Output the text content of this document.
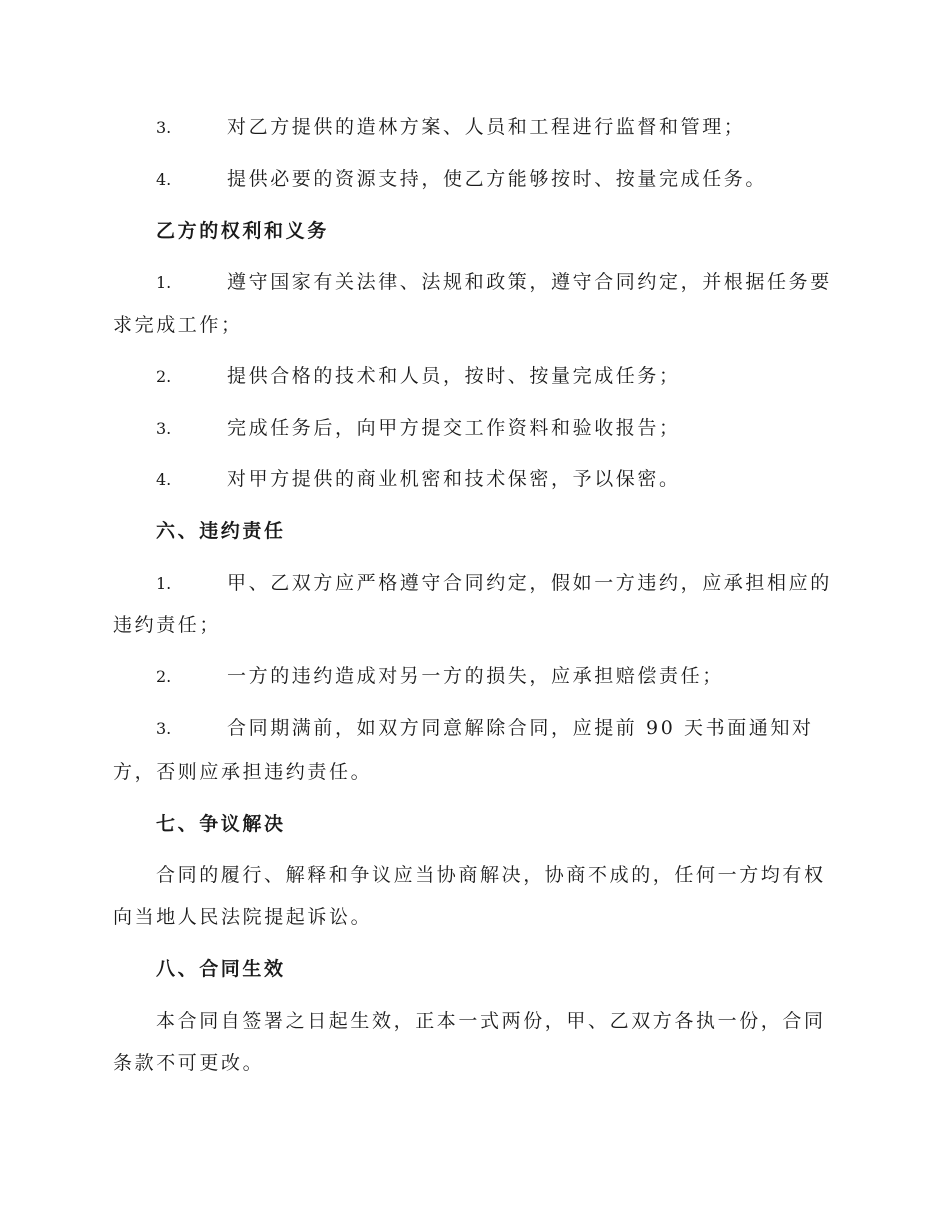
3.	对乙方提供的造林方案、人员和工程进行监督和管理；
4.	提供必要的资源支持，使乙方能够按时、按量完成任务。
乙方的权利和义务
1.	遵守国家有关法律、法规和政策，遵守合同约定，并根据任务要
求完成工作；
2.	提供合格的技术和人员，按时、按量完成任务；
3.	完成任务后，向甲方提交工作资料和验收报告；
4.	对甲方提供的商业机密和技术保密，予以保密。
六、违约责任
1.	甲、乙双方应严格遵守合同约定，假如一方违约，应承担相应的
违约责任；
2.	一方的违约造成对另一方的损失，应承担赔偿责任；
3.	合同期满前，如双方同意解除合同，应提前 90 天书面通知对
方，否则应承担违约责任。
七、争议解决
合同的履行、解释和争议应当协商解决，协商不成的，任何一方均有权
向当地人民法院提起诉讼。
八、合同生效
本合同自签署之日起生效，正本一式两份，甲、乙双方各执一份，合同
条款不可更改。
